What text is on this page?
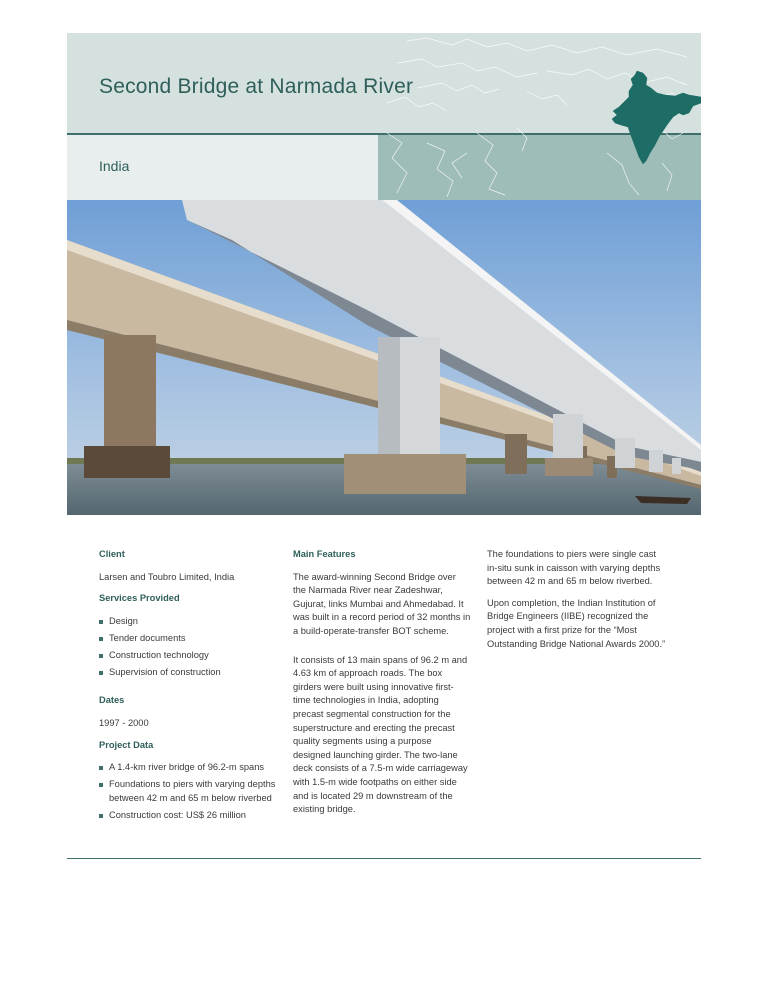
Second Bridge at Narmada River
India
Client
Larsen and Toubro Limited, India
Services Provided
Design
Tender documents
Construction technology
Supervision of construction
Dates
1997 - 2000
Project Data
A 1.4-km river bridge of 96.2-m spans
Foundations to piers with varying depths between 42 m and 65 m below riverbed
Construction cost: US$ 26 million
Main Features
The award-winning Second Bridge over the Narmada River near Zadeshwar, Gujurat, links Mumbai and Ahmedabad. It was built in a record period of 32 months in a build-operate-transfer BOT scheme.
It consists of 13 main spans of 96.2 m and 4.63 km of approach roads. The box girders were built using innovative first-time technologies in India, adopting precast segmental construction for the superstructure and erecting the precast quality segments using a purpose designed launching girder. The two-lane deck consists of a 7.5-m wide carriageway with 1.5-m wide footpaths on either side and is located 29 m downstream of the existing bridge.
The foundations to piers were single cast in-situ sunk in caisson with varying depths between 42 m and 65 m below riverbed.
Upon completion, the Indian Institution of Bridge Engineers (IIBE) recognized the project with a first prize for the “Most Outstanding Bridge National Awards 2000.”
